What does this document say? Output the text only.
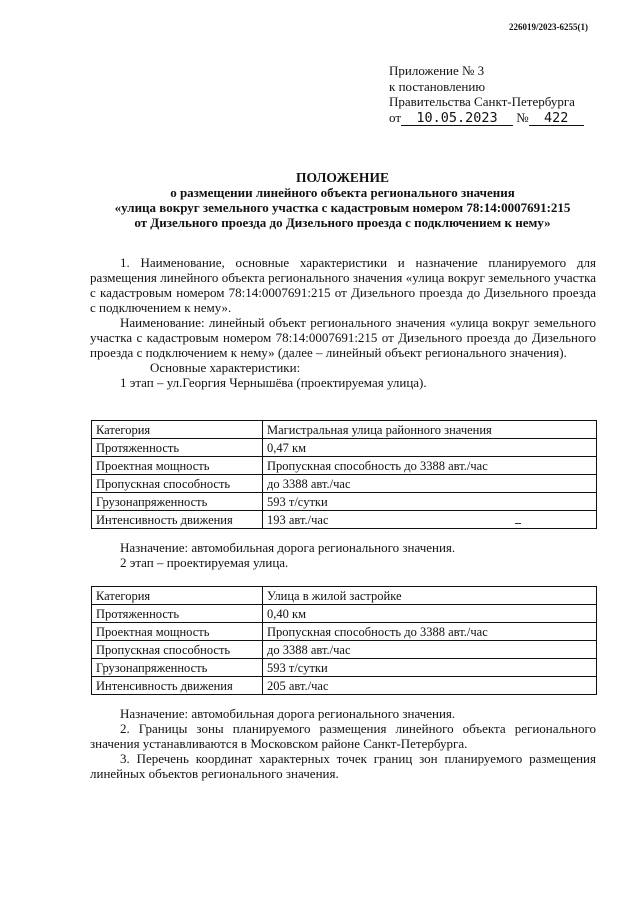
226019/2023-6255(1)
Приложение № 3
к постановлению
Правительства Санкт-Петербурга
от 10.05.2023 № 422
ПОЛОЖЕНИЕ
о размещении линейного объекта регионального значения
«улица вокруг земельного участка с кадастровым номером 78:14:0007691:215
от Дизельного проезда до Дизельного проезда с подключением к нему»

1. Наименование, основные характеристики и назначение планируемого для размещения линейного объекта регионального значения «улица вокруг земельного участка с кадастровым номером 78:14:0007691:215 от Дизельного проезда до Дизельного проезда с подключением к нему».

Наименование: линейный объект регионального значения «улица вокруг земельного участка с кадастровым номером 78:14:0007691:215 от Дизельного проезда до Дизельного проезда с подключением к нему» (далее – линейный объект регионального значения).

Основные характеристики:

1 этап – ул.Георгия Чернышёва (проектируемая улица).

Категория	Магистральная улица районного значения
Протяженность	0,47 км
Проектная мощность	Пропускная способность до 3388 авт./час
Пропускная способность	до 3388 авт./час
Грузонапряженность	593 т/сутки
Интенсивность движения	193 авт./час

Назначение: автомобильная дорога регионального значения.

2 этап – проектируемая улица.

Категория	Улица в жилой застройке
Протяженность	0,40 км
Проектная мощность	Пропускная способность до 3388 авт./час
Пропускная способность	до 3388 авт./час
Грузонапряженность	593 т/сутки
Интенсивность движения	205 авт./час

Назначение: автомобильная дорога регионального значения.

2. Границы зоны планируемого размещения линейного объекта регионального значения устанавливаются в Московском районе Санкт-Петербурга.

3. Перечень координат характерных точек границ зон планируемого размещения линейных объектов регионального значения.
